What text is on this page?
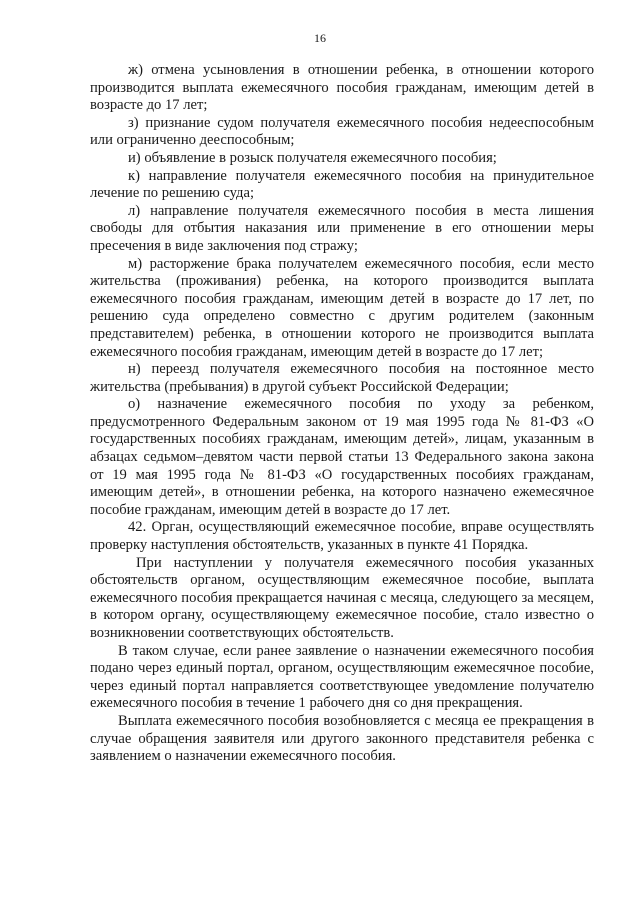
16

ж) отмена усыновления в отношении ребенка, в отношении которого производится выплата ежемесячного пособия гражданам, имеющим детей в возрасте до 17 лет;

з) признание судом получателя ежемесячного пособия недееспособным или ограниченно дееспособным;

и) объявление в розыск получателя ежемесячного пособия;

к) направление получателя ежемесячного пособия на принудительное лечение по решению суда;

л) направление получателя ежемесячного пособия в места лишения свободы для отбытия наказания или применение в его отношении меры пресечения в виде заключения под стражу;

м) расторжение брака получателем ежемесячного пособия, если место жительства (проживания) ребенка, на которого производится выплата ежемесячного пособия гражданам, имеющим детей в возрасте до 17 лет, по решению суда определено совместно с другим родителем (законным представителем) ребенка, в отношении которого не производится выплата ежемесячного пособия гражданам, имеющим детей в возрасте до 17 лет;

н) переезд получателя ежемесячного пособия на постоянное место жительства (пребывания) в другой субъект Российской Федерации;

о) назначение ежемесячного пособия по уходу за ребенком, предусмотренного Федеральным законом от 19 мая 1995 года № 81-ФЗ «О государственных пособиях гражданам, имеющим детей», лицам, указанным в абзацах седьмом–девятом части первой статьи 13 Федерального закона закона от 19 мая 1995 года № 81-ФЗ «О государственных пособиях гражданам, имеющим детей», в отношении ребенка, на которого назначено ежемесячное пособие гражданам, имеющим детей в возрасте до 17 лет.

42. Орган, осуществляющий ежемесячное пособие, вправе осуществлять проверку наступления обстоятельств, указанных в пункте 41 Порядка.

При наступлении у получателя ежемесячного пособия указанных обстоятельств органом, осуществляющим ежемесячное пособие, выплата ежемесячного пособия прекращается начиная с месяца, следующего за месяцем, в котором органу, осуществляющему ежемесячное пособие, стало известно о возникновении соответствующих обстоятельств.

В таком случае, если ранее заявление о назначении ежемесячного пособия подано через единый портал, органом, осуществляющим ежемесячное пособие, через единый портал направляется соответствующее уведомление получателю ежемесячного пособия в течение 1 рабочего дня со дня прекращения.

Выплата ежемесячного пособия возобновляется с месяца ее прекращения в случае обращения заявителя или другого законного представителя ребенка с заявлением о назначении ежемесячного пособия.
